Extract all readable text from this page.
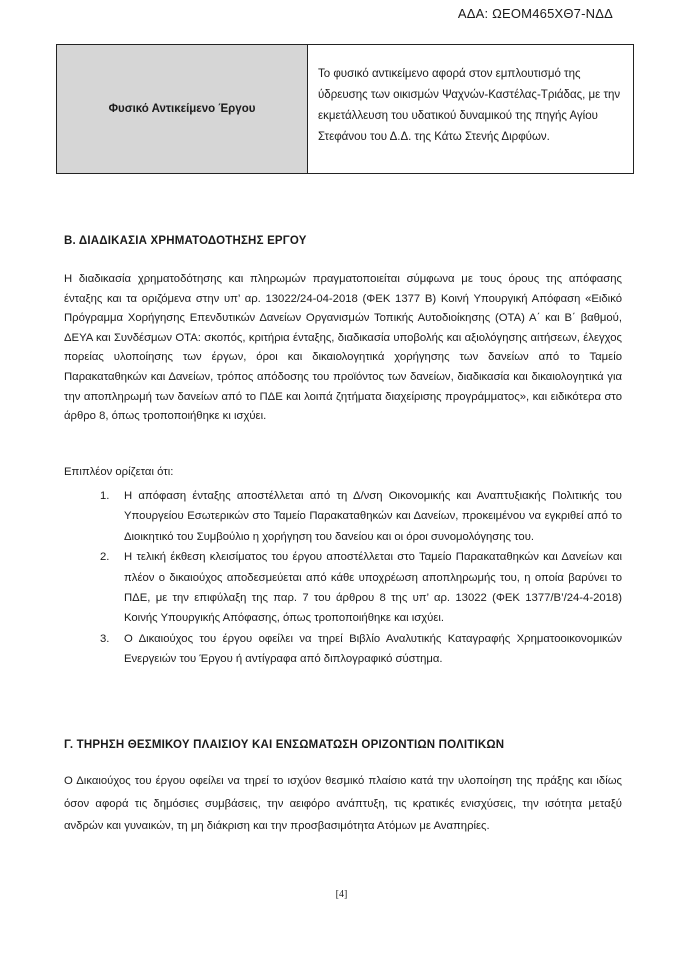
ΑΔΑ: ΩΕΟΜ465ΧΘ7-ΝΔΔ
Φυσικό Αντικείμενο Έργου	Το φυσικό αντικείμενο αφορά στον εμπλουτισμό της ύδρευσης των οικισμών Ψαχνών-Καστέλας-Τριάδας, με την εκμετάλλευση του υδατικού δυναμικού της πηγής Αγίου Στεφάνου του Δ.Δ. της Κάτω Στενής Διρφύων.
Β. ΔΙΑΔΙΚΑΣΙΑ ΧΡΗΜΑΤΟΔΟΤΗΣΗΣ ΕΡΓΟΥ
Η διαδικασία χρηματοδότησης και πληρωμών πραγματοποιείται σύμφωνα με τους όρους της απόφασης ένταξης και τα οριζόμενα στην υπ’ αρ. 13022/24-04-2018 (ΦΕΚ 1377 Β) Κοινή Υπουργική Απόφαση «Ειδικό Πρόγραμμα Χορήγησης Επενδυτικών Δανείων Οργανισμών Τοπικής Αυτοδιοίκησης (ΟΤΑ) Α΄ και Β΄ βαθμού, ΔΕΥΑ και Συνδέσμων ΟΤΑ: σκοπός, κριτήρια ένταξης, διαδικασία υποβολής και αξιολόγησης αιτήσεων, έλεγχος πορείας υλοποίησης των έργων, όροι και δικαιολογητικά χορήγησης των δανείων από το Ταμείο Παρακαταθηκών και Δανείων, τρόπος απόδοσης του προϊόντος των δανείων, διαδικασία και δικαιολογητικά για την αποπληρωμή των δανείων από το ΠΔΕ και λοιπά ζητήματα διαχείρισης προγράμματος», και ειδικότερα στο άρθρο 8, όπως τροποποιήθηκε κι ισχύει.
Επιπλέον ορίζεται ότι:
1. Η απόφαση ένταξης αποστέλλεται από τη Δ/νση Οικονομικής και Αναπτυξιακής Πολιτικής του Υπουργείου Εσωτερικών στο Ταμείο Παρακαταθηκών και Δανείων, προκειμένου να εγκριθεί από το Διοικητικό του Συμβούλιο η χορήγηση του δανείου και οι όροι συνομολόγησης του.
2. Η τελική έκθεση κλεισίματος του έργου αποστέλλεται στο Ταμείο Παρακαταθηκών και Δανείων και πλέον ο δικαιούχος αποδεσμεύεται από κάθε υποχρέωση αποπληρωμής του, η οποία βαρύνει το ΠΔΕ, με την επιφύλαξη της παρ. 7 του άρθρου 8 της υπ’ αρ. 13022 (ΦΕΚ 1377/Β’/24-4-2018) Κοινής Υπουργικής Απόφασης, όπως τροποποιήθηκε και ισχύει.
3. Ο Δικαιούχος του έργου οφείλει να τηρεί Βιβλίο Αναλυτικής Καταγραφής Χρηματοοικονομικών Ενεργειών του Έργου ή αντίγραφα από διπλογραφικό σύστημα.
Γ. ΤΗΡΗΣΗ ΘΕΣΜΙΚΟΥ ΠΛΑΙΣΙΟΥ ΚΑΙ ΕΝΣΩΜΑΤΩΣΗ ΟΡΙΖΟΝΤΙΩΝ ΠΟΛΙΤΙΚΩΝ
Ο Δικαιούχος του έργου οφείλει να τηρεί το ισχύον θεσμικό πλαίσιο κατά την υλοποίηση της πράξης και ιδίως όσον αφορά τις δημόσιες συμβάσεις, την αειφόρο ανάπτυξη, τις κρατικές ενισχύσεις, την ισότητα μεταξύ ανδρών και γυναικών, τη μη διάκριση και την προσβασιμότητα Ατόμων με Αναπηρίες.
[4]
